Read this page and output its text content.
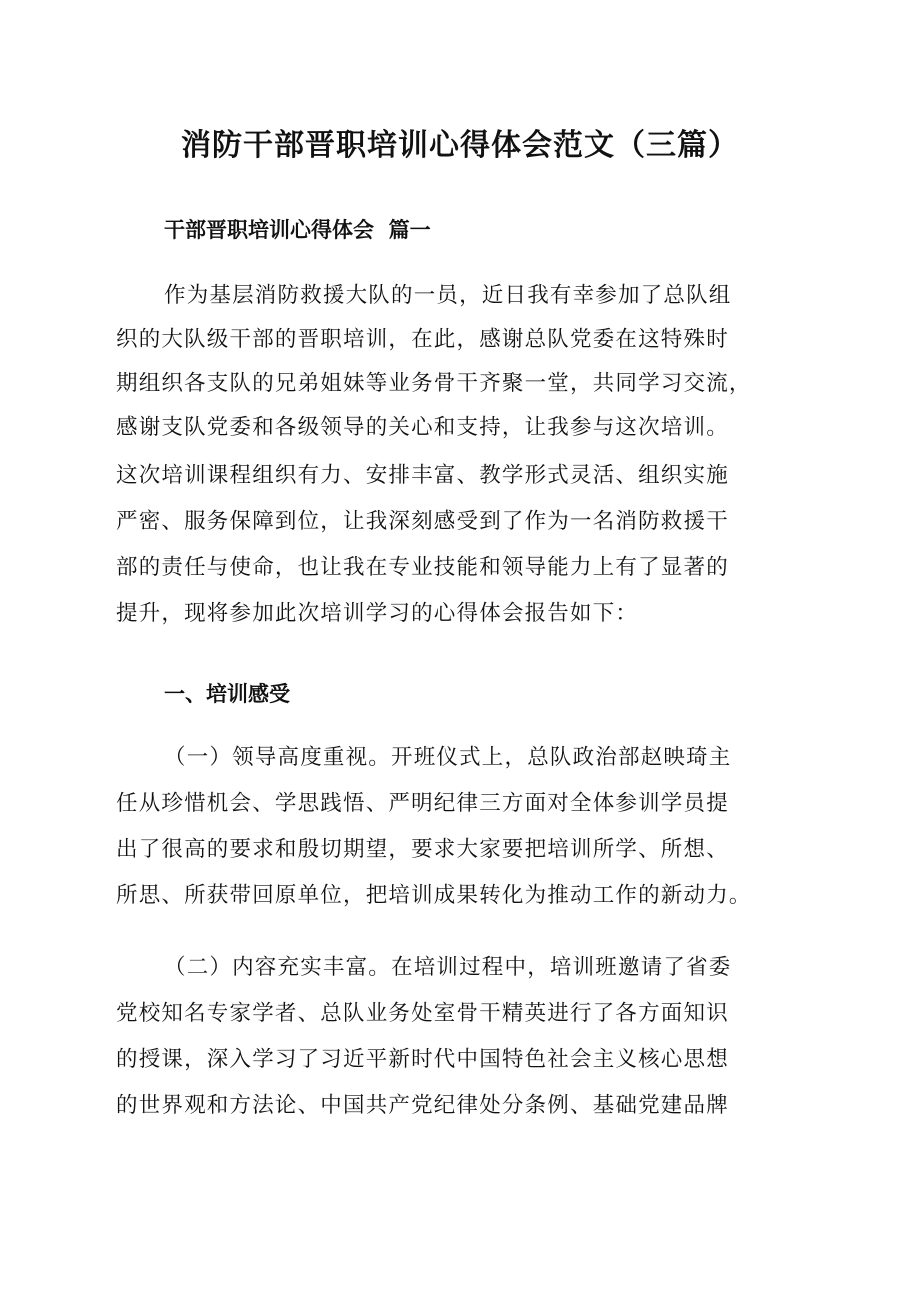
消防干部晋职培训心得体会范文（三篇）
干部晋职培训心得体会  篇一
作为基层消防救援大队的一员，近日我有幸参加了总队组
织的大队级干部的晋职培训，在此，感谢总队党委在这特殊时
期组织各支队的兄弟姐妹等业务骨干齐聚一堂，共同学习交流，
感谢支队党委和各级领导的关心和支持，让我参与这次培训。
这次培训课程组织有力、安排丰富、教学形式灵活、组织实施
严密、服务保障到位，让我深刻感受到了作为一名消防救援干
部的责任与使命，也让我在专业技能和领导能力上有了显著的
提升，现将参加此次培训学习的心得体会报告如下：
一、培训感受
（一）领导高度重视。开班仪式上，总队政治部赵映琦主
任从珍惜机会、学思践悟、严明纪律三方面对全体参训学员提
出了很高的要求和殷切期望，要求大家要把培训所学、所想、
所思、所获带回原单位，把培训成果转化为推动工作的新动力。
（二）内容充实丰富。在培训过程中，培训班邀请了省委
党校知名专家学者、总队业务处室骨干精英进行了各方面知识
的授课，深入学习了习近平新时代中国特色社会主义核心思想
的世界观和方法论、中国共产党纪律处分条例、基础党建品牌
